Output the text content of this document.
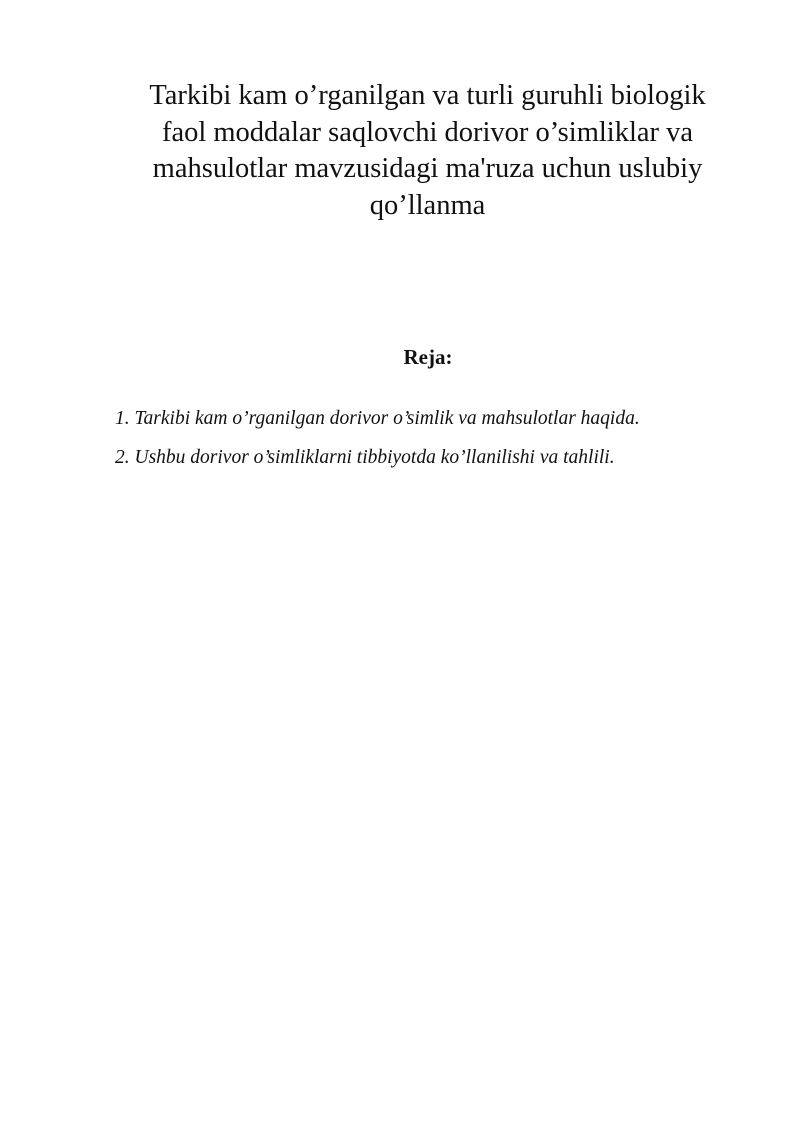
Tarkibi kam o’rganilgan va turli guruhli biologik
faol moddalar saqlovchi dorivor o’simliklar va
mahsulotlar mavzusidagi ma'ruza uchun uslubiy
qo’llanma
Reja:
1. Tarkibi kam o’rganilgan dorivor o’simlik va mahsulotlar haqida.
2. Ushbu dorivor o’simliklarni tibbiyotda ko’llanilishi va tahlili.
